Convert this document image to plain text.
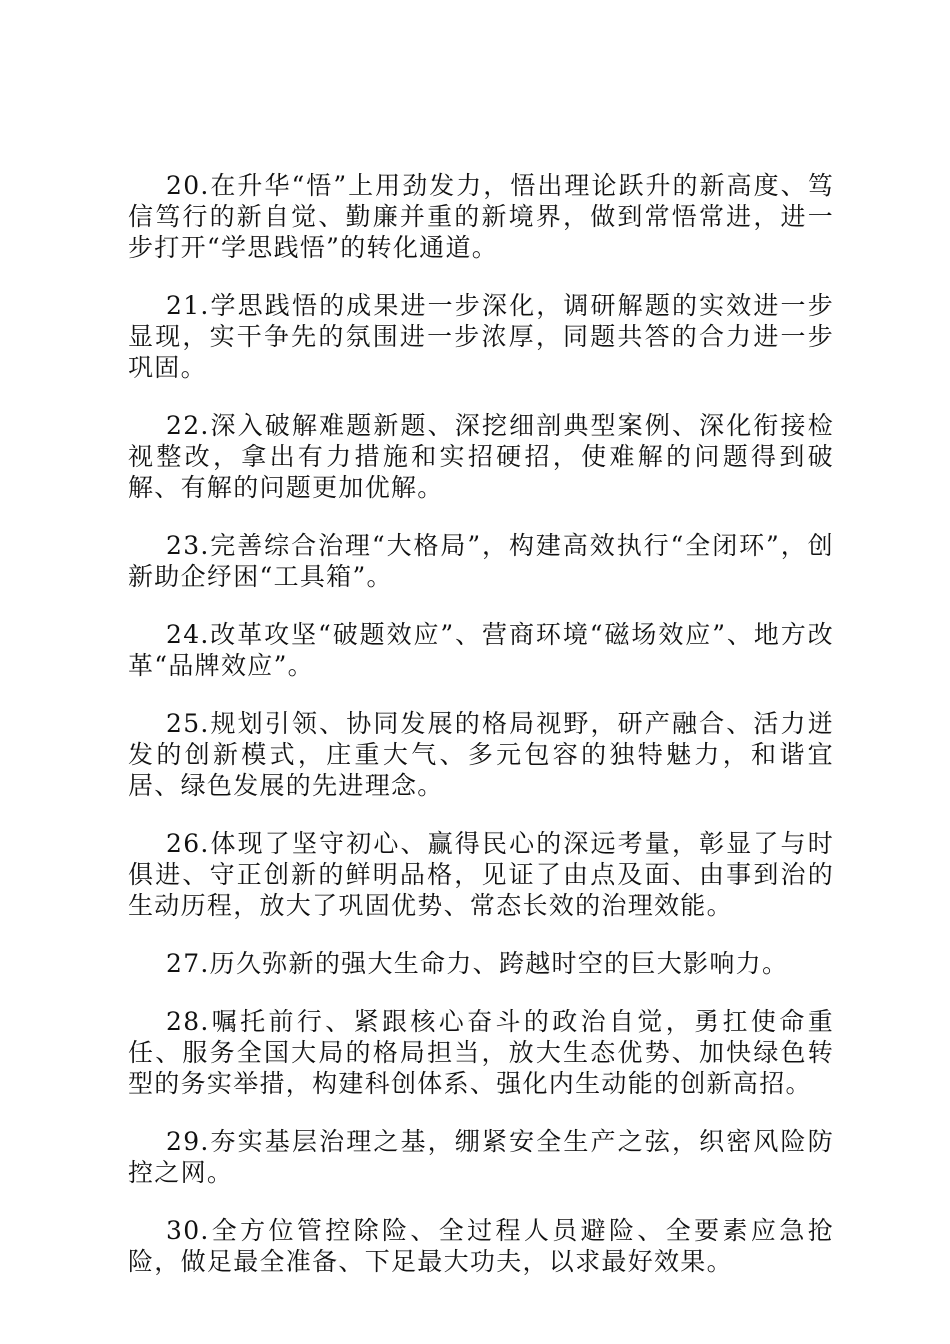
20.在升华“悟”上用劲发力，悟出理论跃升的新高度、笃信笃行的新自觉、勤廉并重的新境界，做到常悟常进，进一步打开“学思践悟”的转化通道。

21.学思践悟的成果进一步深化，调研解题的实效进一步显现，实干争先的氛围进一步浓厚，同题共答的合力进一步巩固。

22.深入破解难题新题、深挖细剖典型案例、深化衔接检视整改，拿出有力措施和实招硬招，使难解的问题得到破解、有解的问题更加优解。

23.完善综合治理“大格局”，构建高效执行“全闭环”，创新助企纾困“工具箱”。

24.改革攻坚“破题效应”、营商环境“磁场效应”、地方改革“品牌效应”。

25.规划引领、协同发展的格局视野，研产融合、活力迸发的创新模式，庄重大气、多元包容的独特魅力，和谐宜居、绿色发展的先进理念。

26.体现了坚守初心、赢得民心的深远考量，彰显了与时俱进、守正创新的鲜明品格，见证了由点及面、由事到治的生动历程，放大了巩固优势、常态长效的治理效能。

27.历久弥新的强大生命力、跨越时空的巨大影响力。

28.嘱托前行、紧跟核心奋斗的政治自觉，勇扛使命重任、服务全国大局的格局担当，放大生态优势、加快绿色转型的务实举措，构建科创体系、强化内生动能的创新高招。

29.夯实基层治理之基，绷紧安全生产之弦，织密风险防控之网。

30.全方位管控除险、全过程人员避险、全要素应急抢险，做足最全准备、下足最大功夫，以求最好效果。
